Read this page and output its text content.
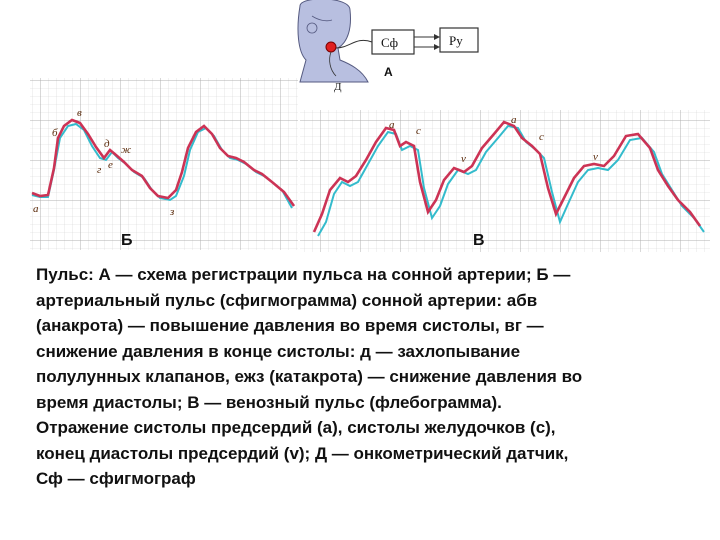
Д
Сф	Ру
А
а
б
в
г
д
е
ж
з
Б
a c
v
a
c
v
В
Пульс: А — схема регистрации пульса на сонной артерии; Б —
артериальный пульс (сфигмограмма) сонной артерии: абв
(анакрота) — повышение давления во время систолы, вг —
снижение давления в конце систолы: д — захлопывание
полулунных клапанов, ежз (катакрота) — снижение давления во
время диастолы; В — венозный пульс (флебограмма).
Отражение систолы предсердий (a), систолы желудочков (c),
конец диастолы предсердий (v); Д — онкометрический датчик,
Сф — сфигмограф
